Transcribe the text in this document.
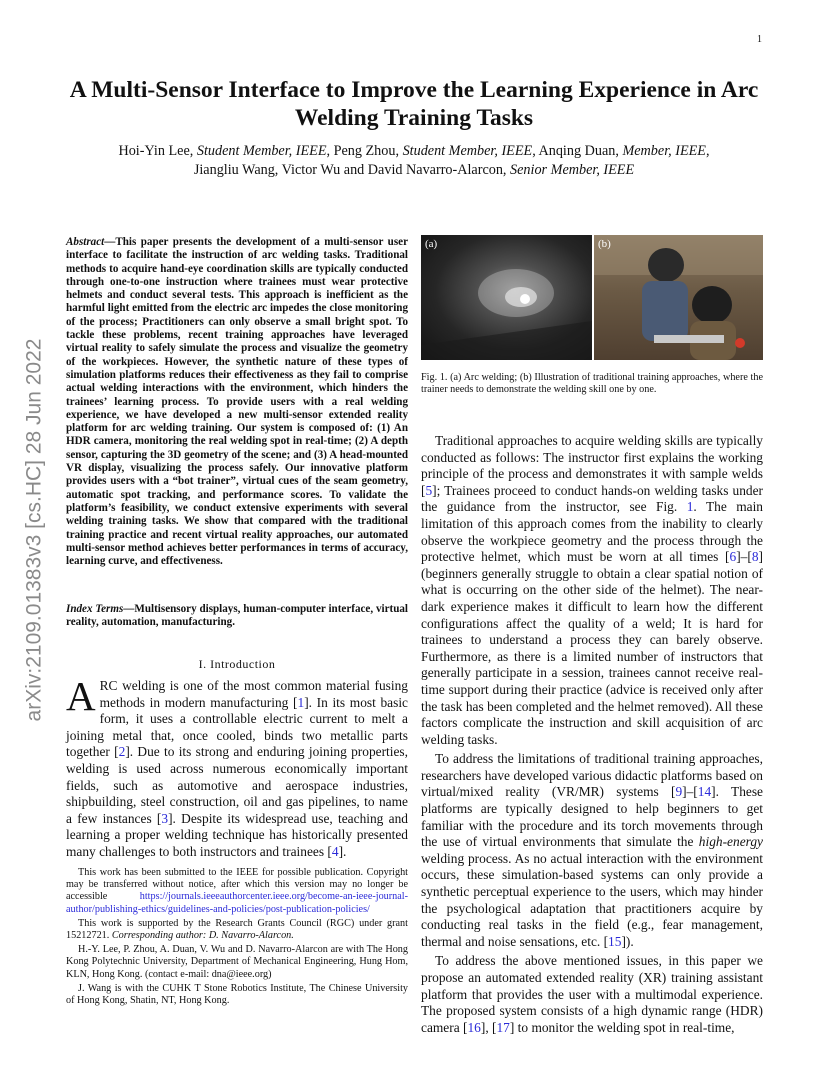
1
arXiv:2109.01383v3 [cs.HC] 28 Jun 2022
A Multi-Sensor Interface to Improve the Learning Experience in Arc Welding Training Tasks
Hoi-Yin Lee, Student Member, IEEE, Peng Zhou, Student Member, IEEE, Anqing Duan, Member, IEEE,
Jiangliu Wang, Victor Wu and David Navarro-Alarcon, Senior Member, IEEE
Abstract—This paper presents the development of a multi-sensor user interface to facilitate the instruction of arc welding tasks. Traditional methods to acquire hand-eye coordination skills are typically conducted through one-to-one instruction where trainees must wear protective helmets and conduct several tests. This approach is inefficient as the harmful light emitted from the electric arc impedes the close monitoring of the process; Practitioners can only observe a small bright spot. To tackle these problems, recent training approaches have leveraged virtual reality to safely simulate the process and visualize the geometry of the workpieces. However, the synthetic nature of these types of simulation platforms reduces their effectiveness as they fail to comprise actual welding interactions with the environment, which hinders the trainees’ learning process. To provide users with a real welding experience, we have developed a new multi-sensor extended reality platform for arc welding training. Our system is composed of: (1) An HDR camera, monitoring the real welding spot in real-time; (2) A depth sensor, capturing the 3D geometry of the scene; and (3) A head-mounted VR display, visualizing the process safely. Our innovative platform provides users with a “bot trainer”, virtual cues of the seam geometry, automatic spot tracking, and performance scores. To validate the platform’s feasibility, we conduct extensive experiments with several welding training tasks. We show that compared with the traditional training practice and recent virtual reality approaches, our automated multi-sensor method achieves better performances in terms of accuracy, learning curve, and effectiveness.
Index Terms—Multisensory displays, human-computer interface, virtual reality, automation, manufacturing.
I. Introduction
ARC welding is one of the most common material fusing methods in modern manufacturing [1]. In its most basic form, it uses a controllable electric current to melt a joining metal that, once cooled, binds two metallic parts together [2]. Due to its strong and enduring joining properties, welding is used across numerous economically important fields, such as automotive and aerospace industries, shipbuilding, steel construction, oil and gas pipelines, to name a few instances [3]. Despite its widespread use, teaching and learning a proper welding technique has historically presented many challenges to both instructors and trainees [4].

This work has been submitted to the IEEE for possible publication. Copyright may be transferred without notice, after which this version may no longer be accessible https://journals.ieeeauthorcenter.ieee.org/become-an-ieee-journal-author/publishing-ethics/guidelines-and-policies/post-publication-policies/

This work is supported by the Research Grants Council (RGC) under grant 15212721. Corresponding author: D. Navarro-Alarcon.

H.-Y. Lee, P. Zhou, A. Duan, V. Wu and D. Navarro-Alarcon are with The Hong Kong Polytechnic University, Department of Mechanical Engineering, Hung Hom, KLN, Hong Kong. (contact e-mail: dna@ieee.org)

J. Wang is with the CUHK T Stone Robotics Institute, The Chinese University of Hong Kong, Shatin, NT, Hong Kong.

(a)	(b)
Fig. 1. (a) Arc welding; (b) Illustration of traditional training approaches, where the trainer needs to demonstrate the welding skill one by one.

Traditional approaches to acquire welding skills are typically conducted as follows: The instructor first explains the working principle of the process and demonstrates it with sample welds [5]; Trainees proceed to conduct hands-on welding tasks under the guidance from the instructor, see Fig. 1. The main limitation of this approach comes from the inability to clearly observe the workpiece geometry and the process through the protective helmet, which must be worn at all times [6]–[8] (beginners generally struggle to obtain a clear spatial notion of what is occurring on the other side of the helmet). The near-dark experience makes it difficult to learn how the different configurations affect the quality of a weld; It is hard for trainees to understand a process they can barely observe. Furthermore, as there is a limited number of instructors that generally participate in a session, trainees cannot receive real-time support during their practice (advice is received only after the task has been completed and the helmet removed). All these factors complicate the instruction and skill acquisition of arc welding tasks.

To address the limitations of traditional training approaches, researchers have developed various didactic platforms based on virtual/mixed reality (VR/MR) systems [9]–[14]. These platforms are typically designed to help beginners to get familiar with the procedure and its torch movements through the use of virtual environments that simulate the high-energy welding process. As no actual interaction with the environment occurs, these simulation-based systems can only provide a synthetic perceptual experience to the users, which may hinder the psychological adaptation that practitioners acquire by conducting real tasks in the field (e.g., fear management, thermal and noise sensations, etc. [15]).

To address the above mentioned issues, in this paper we propose an automated extended reality (XR) training assistant platform that provides the user with a multimodal experience. The proposed system consists of a high dynamic range (HDR) camera [16], [17] to monitor the welding spot in real-time,
